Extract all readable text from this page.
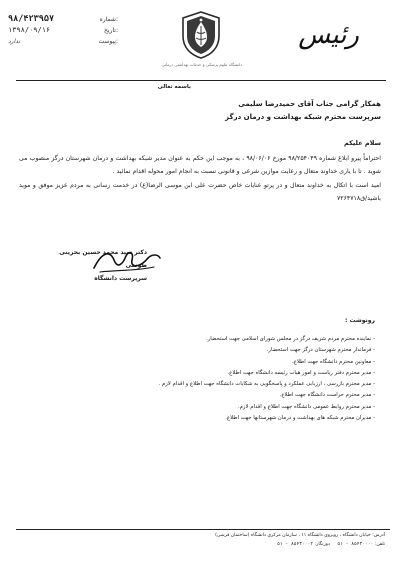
۹۸/۴۲۳۹۵۷	شماره:
۱۳۹۸/۰۹/۱۶	تاریخ:
ندارد	پیوست:
دانشگاه علوم پزشکی و خدمات بهداشتی درمانی
رئیس
باسمه تعالی
همکار گرامی جناب آقای حمیدرضا سلیمی
سرپرست محترم شبکه بهداشت و درمان درگز
سلام علیکم

احتراماً پیرو ابلاغ شماره ۹۸/۲۵۴۰۴۹ مورخ ۹۸/۰۶/۰۶ ، به موجب این حکم به عنوان مدیر شبکه بهداشت و درمان شهرستان درگز منصوب می شوید . تا با یاری خداوند متعال و رعایت موازین شرعی و قانونی نسبت به انجام امور محوله اقدام نمائید .

امید است با اتکال به خداوند متعال و در پرتو عنایات خاص حضرت علی ابن موسی الرضا(ع) در خدمت رسانی به مردم عزیز موفق و موید باشید/ق۷۲۶۴۷۱۸

دکتر سید محمد حسین بحرینی طوسی
سرپرست دانشگاه
رونوشت :
- نماینده محترم مردم شریف درگز در مجلس شورای اسلامی جهت استحضار.
- فرماندار محترم شهرستان درگز جهت استحضار.
- معاونین محترم دانشگاه جهت اطلاع.
- مدیر محترم دفتر ریاست و امور هیات رئیسه دانشگاه جهت اطلاع.
- مدیر محترم بازرسی ، ارزیابی عملکرد و پاسخگویی به شکایات دانشگاه جهت اطلاع و اقدام لازم .
- مدیر محترم حراست دانشگاه جهت اطلاع.
- مدیر محترم روابط عمومی دانشگاه جهت اطلاع و اقدام لازم.
- مدیران محترم شبکه های بهداشت و درمان شهرستانها جهت اطلاع.
آدرس: خیابان دانشگاه ، روبروی دانشگاه ۱۱ ، سازمان مرکزی دانشگاه (ساختمان قرشی)
تلفن: ۸۵۴۳۰۰۰۰ - ۵۱     دورنگار: ۸۵۴۳۰۰۰۲ - ۵۱
